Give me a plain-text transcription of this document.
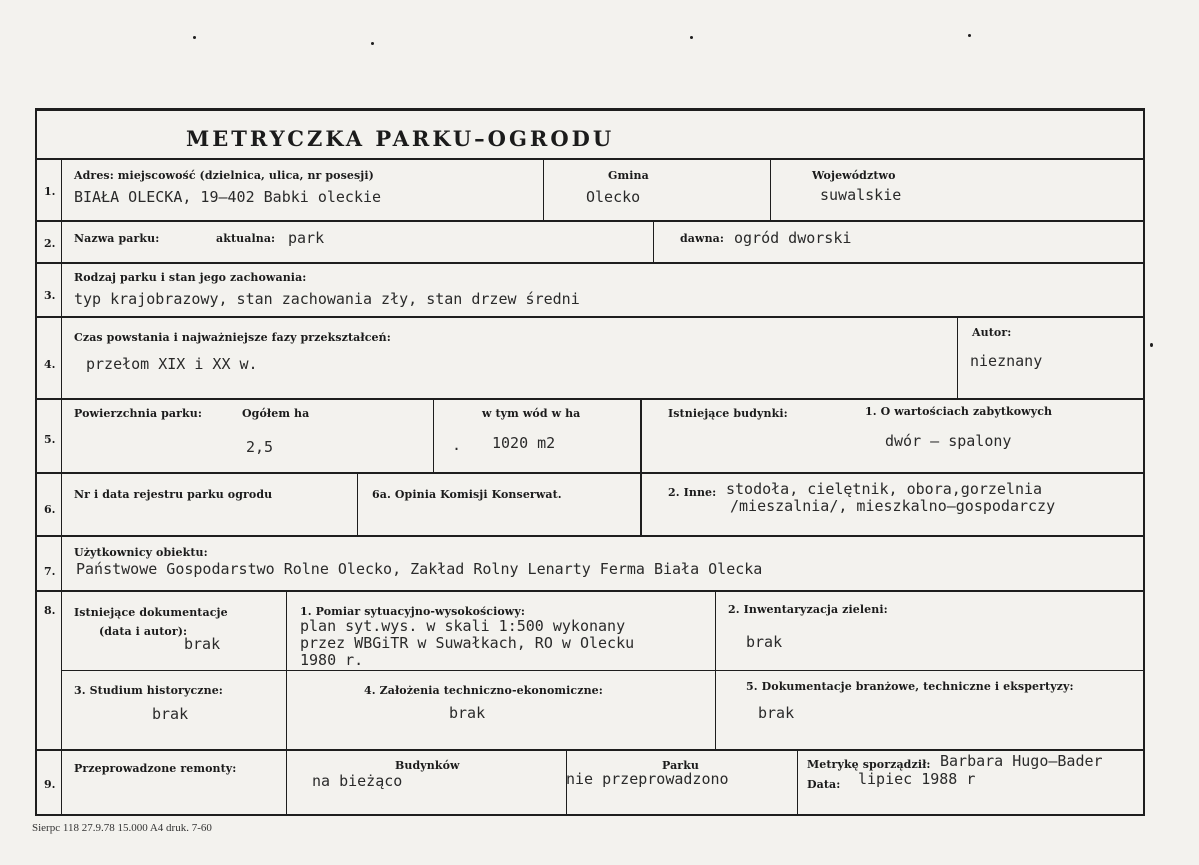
METRYCZKA PARKU–OGRODU
1.
Adres: miejscowość (dzielnica, ulica, nr posesji)
BIAŁA OLECKA, 19–402 Babki oleckie
Gmina
Olecko
Województwo
suwalskie
2. Nazwa parku:	aktualna: park	dawna: ogród dworski
3.
Rodzaj parku i stan jego zachowania:
typ krajobrazowy, stan zachowania zły, stan drzew średni
4.
Czas powstania i najważniejsze fazy przekształceń:
przełom XIX i XX w.
Autor:
nieznany
5.
Powierzchnia parku:	Ogółem ha
2,5
w tym wód w ha
. 1020 m2
Istniejące budynki:	1. O wartościach zabytkowych
dwór – spalony
6.
Nr i data rejestru parku ogrodu	6a. Opinia Komisji Konserwat.	2. Inne: stodoła, cielętnik, obora,gorzelnia
/mieszalnia/, mieszkalno–gospodarczy
7.
Użytkownicy obiektu:
Państwowe Gospodarstwo Rolne Olecko, Zakład Rolny Lenarty Ferma Biała Olecka
8. Istniejące dokumentacje
(data i autor):
brak
1. Pomiar sytuacyjno-wysokościowy:
plan syt.wys. w skali 1:500 wykonany
przez WBGiTR w Suwałkach, RO w Olecku
1980 r.
2. Inwentaryzacja zieleni:
brak
3. Studium historyczne:
brak
4. Założenia techniczno-ekonomiczne:
brak
5. Dokumentacje branżowe, techniczne i ekspertyzy:
brak
9.
Przeprowadzone remonty:	Budynków
na bieżąco
Parku
nie przeprowadzono
Metrykę sporządził: Barbara Hugo–Bader
Data: lipiec 1988 r
Sierpc 118 27.9.78 15.000 A4 druk. 7-60
